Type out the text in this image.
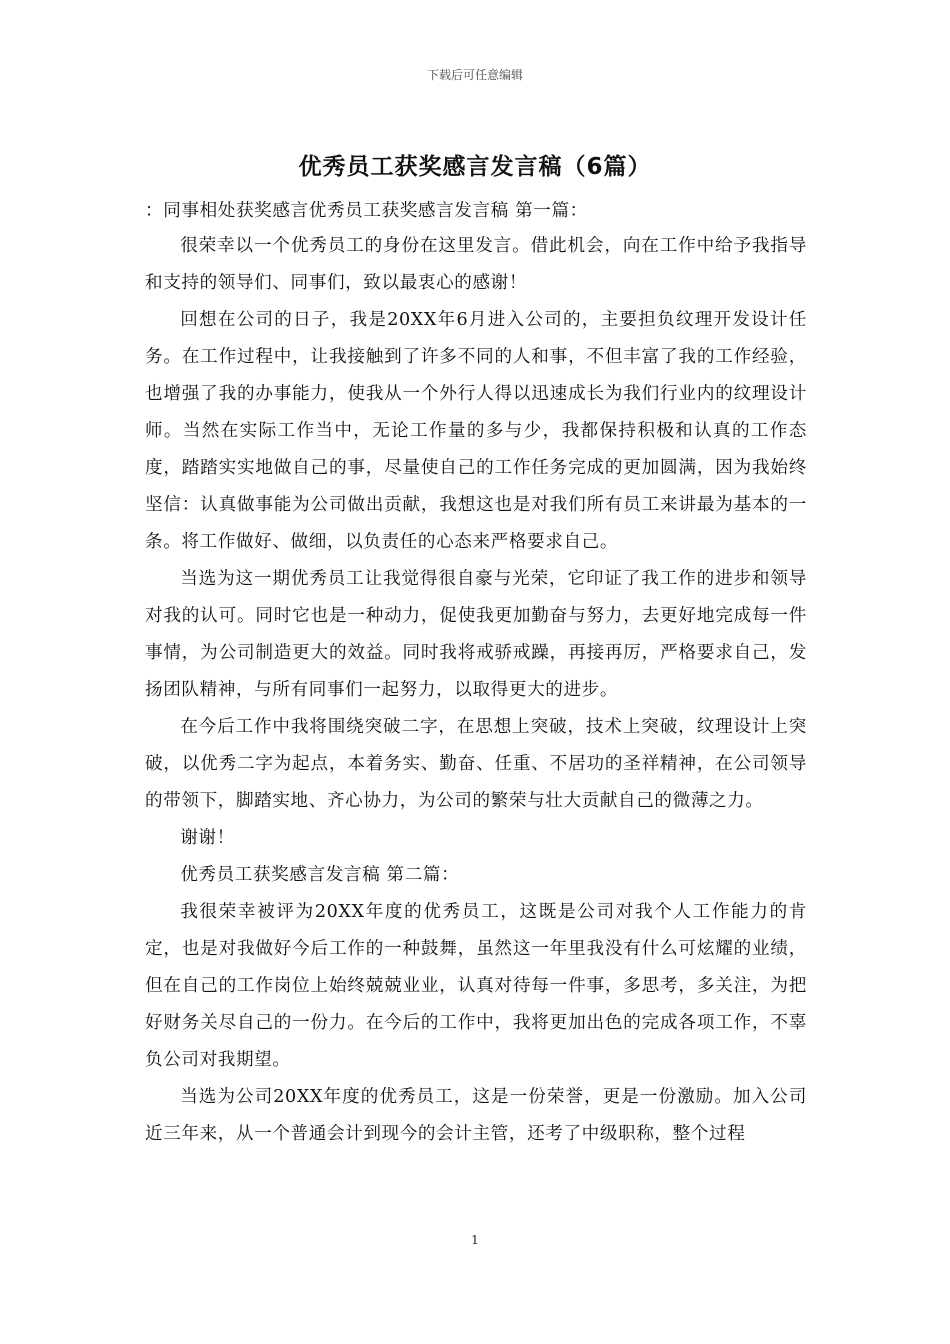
下载后可任意编辑
优秀员工获奖感言发言稿（6篇）

：同事相处获奖感言优秀员工获奖感言发言稿 第一篇：

很荣幸以一个优秀员工的身份在这里发言。借此机会，向在工作中给予我指导和支持的领导们、同事们，致以最衷心的感谢！

回想在公司的日子，我是20XX年6月进入公司的，主要担负纹理开发设计任务。在工作过程中，让我接触到了许多不同的人和事，不但丰富了我的工作经验，也增强了我的办事能力，使我从一个外行人得以迅速成长为我们行业内的纹理设计师。当然在实际工作当中，无论工作量的多与少，我都保持积极和认真的工作态度，踏踏实实地做自己的事，尽量使自己的工作任务完成的更加圆满，因为我始终坚信：认真做事能为公司做出贡献，我想这也是对我们所有员工来讲最为基本的一条。将工作做好、做细，以负责任的心态来严格要求自己。

当选为这一期优秀员工让我觉得很自豪与光荣，它印证了我工作的进步和领导对我的认可。同时它也是一种动力，促使我更加勤奋与努力，去更好地完成每一件事情，为公司制造更大的效益。同时我将戒骄戒躁，再接再厉，严格要求自己，发扬团队精神，与所有同事们一起努力，以取得更大的进步。

在今后工作中我将围绕突破二字，在思想上突破，技术上突破，纹理设计上突破，以优秀二字为起点，本着务实、勤奋、任重、不居功的圣祥精神，在公司领导的带领下，脚踏实地、齐心协力，为公司的繁荣与壮大贡献自己的微薄之力。

谢谢！

优秀员工获奖感言发言稿 第二篇：

我很荣幸被评为20XX年度的优秀员工，这既是公司对我个人工作能力的肯定，也是对我做好今后工作的一种鼓舞，虽然这一年里我没有什么可炫耀的业绩，但在自己的工作岗位上始终兢兢业业，认真对待每一件事，多思考，多关注，为把好财务关尽自己的一份力。在今后的工作中，我将更加出色的完成各项工作，不辜负公司对我期望。

当选为公司20XX年度的优秀员工，这是一份荣誉，更是一份激励。加入公司近三年来，从一个普通会计到现今的会计主管，还考了中级职称，整个过程

1
